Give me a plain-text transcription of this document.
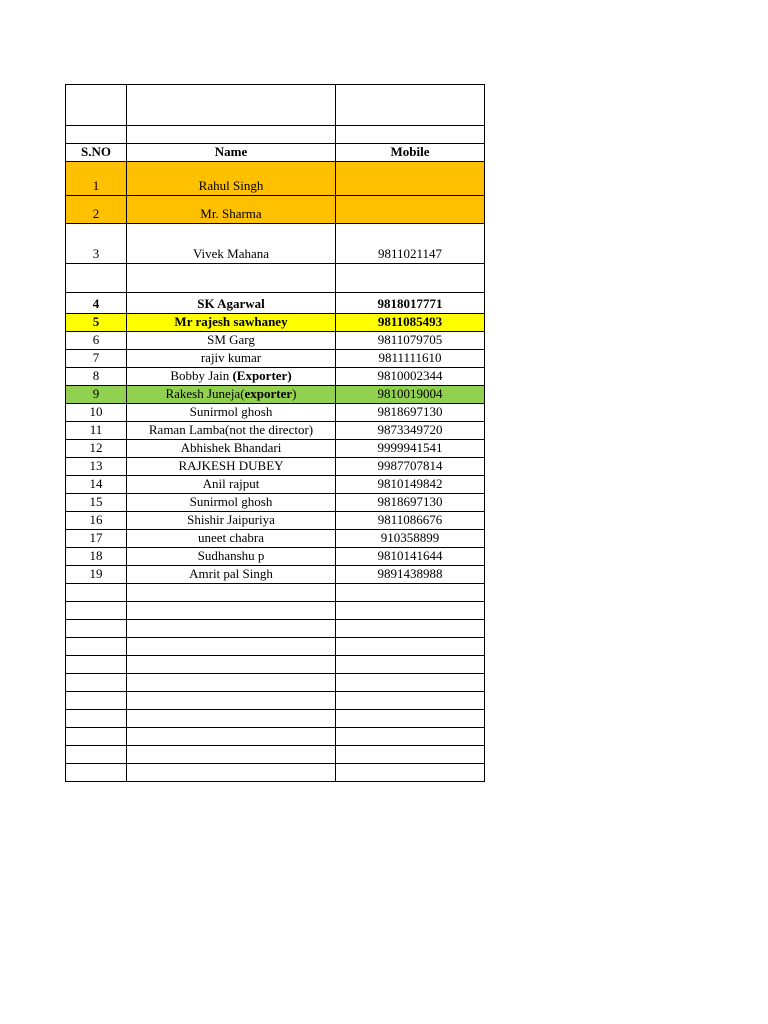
S.NO	Name	Mobile
1	Rahul Singh	
2	Mr. Sharma	
3	Vivek Mahana	9811021147

4	SK Agarwal	9818017771
5	Mr rajesh sawhaney	9811085493
6	SM Garg	9811079705
7	rajiv kumar	9811111610
8	Bobby Jain (Exporter)	9810002344
9	Rakesh Juneja(exporter)	9810019004
10	Sunirmol ghosh	9818697130
11	Raman Lamba(not the director)	9873349720
12	Abhishek Bhandari	9999941541
13	RAJKESH DUBEY	9987707814
14	Anil rajput	9810149842
15	Sunirmol ghosh	9818697130
16	Shishir Jaipuriya	9811086676
17	uneet chabra	910358899
18	Sudhanshu p	9810141644
19	Amrit pal Singh	9891438988
